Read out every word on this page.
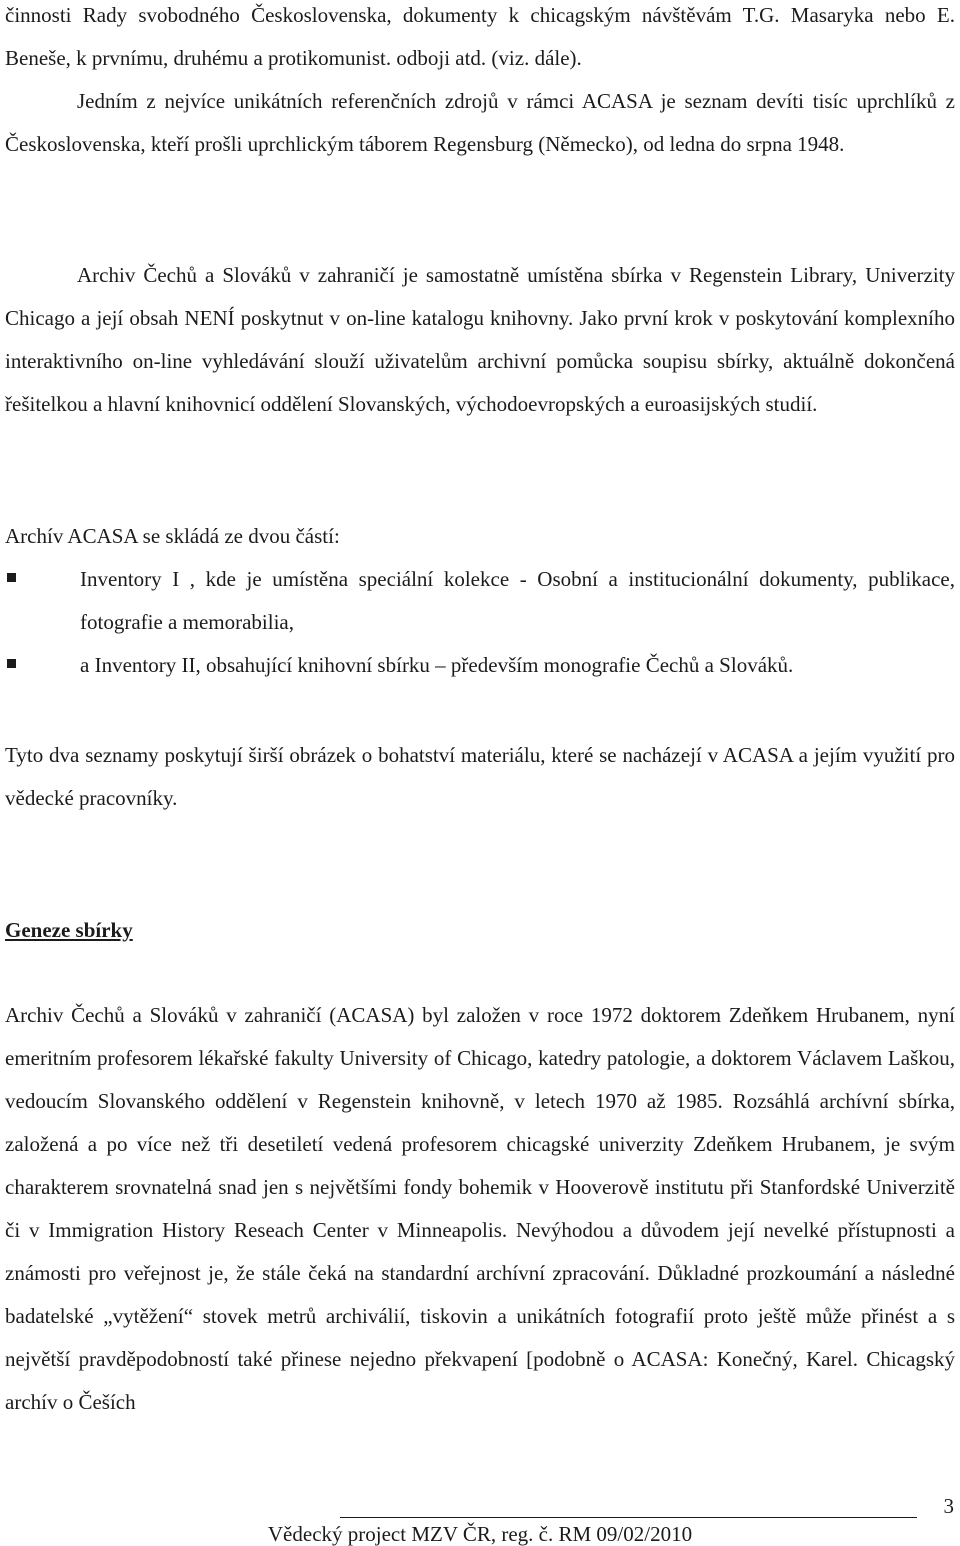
činnosti Rady svobodného Československa, dokumenty k chicagským návštěvám T.G. Masaryka nebo E. Beneše, k prvnímu, druhému a protikomunist. odboji atd. (viz. dále).

Jedním z nejvíce unikátních referenčních zdrojů v rámci ACASA je seznam devíti tisíc uprchlíků z Československa, kteří prošli uprchlickým táborem Regensburg (Německo), od ledna do srpna 1948.

Archiv Čechů a Slováků v zahraničí je samostatně umístěna sbírka v Regenstein Library, Univerzity Chicago a její obsah NENÍ poskytnut v on-line katalogu knihovny. Jako první krok v poskytování komplexního interaktivního on-line vyhledávání slouží uživatelům archivní pomůcka soupisu sbírky, aktuálně dokončená řešitelkou a hlavní knihovnicí oddělení Slovanských, východoevropských a euroasijských studií.

Archív ACASA se skládá ze dvou částí:

Inventory I , kde je umístěna speciální kolekce - Osobní a institucionální dokumenty, publikace, fotografie a memorabilia,
a Inventory II, obsahující knihovní sbírku – především monografie Čechů a Slováků.

Tyto dva seznamy poskytují širší obrázek o bohatství materiálu, které se nacházejí v ACASA a jejím využití pro vědecké pracovníky.

Geneze sbírky

Archiv Čechů a Slováků v zahraničí (ACASA) byl založen v roce 1972 doktorem Zdeňkem Hrubanem, nyní emeritním profesorem lékařské fakulty University of Chicago, katedry patologie, a doktorem Václavem Laškou, vedoucím Slovanského oddělení v Regenstein knihovně, v letech 1970 až 1985. Rozsáhlá archívní sbírka, založená a po více než tři desetiletí vedená profesorem chicagské univerzity Zdeňkem Hrubanem, je svým charakterem srovnatelná snad jen s největšími fondy bohemik v Hooverově institutu při Stanfordské Univerzitě či v Immigration History Reseach Center v Minneapolis. Nevýhodou a důvodem její nevelké přístupnosti a známosti pro veřejnost je, že stále čeká na standardní archívní zpracování. Důkladné prozkoumání a následné badatelské „vytěžení“ stovek metrů archiválií, tiskovin a unikátních fotografií proto ještě může přinést a s největší pravděpodobností také přinese nejedno překvapení [podobně o ACASA: Konečný, Karel. Chicagský archív o Češích

3
Vědecký project MZV ČR, reg. č. RM 09/02/2010
